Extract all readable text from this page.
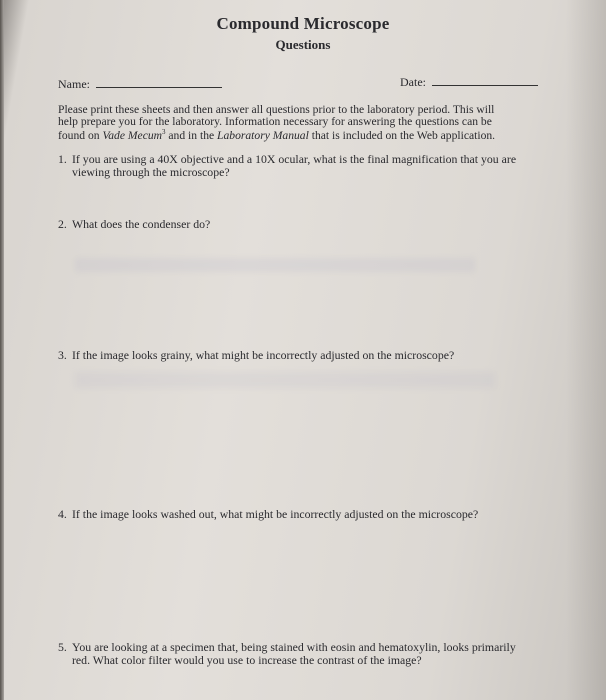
Compound Microscope
Questions
Name:	Date:
Please print these sheets and then answer all questions prior to the laboratory period. This will
help prepare you for the laboratory. Information necessary for answering the questions can be
found on Vade Mecum$^3$ and in the Laboratory Manual that is included on the Web application.
1. If you are using a 40X objective and a 10X ocular, what is the final magnification that you are viewing through the microscope?
2. What does the condenser do?
3. If the image looks grainy, what might be incorrectly adjusted on the microscope?
4. If the image looks washed out, what might be incorrectly adjusted on the microscope?
5. You are looking at a specimen that, being stained with eosin and hematoxylin, looks primarily red. What color filter would you use to increase the contrast of the image?
